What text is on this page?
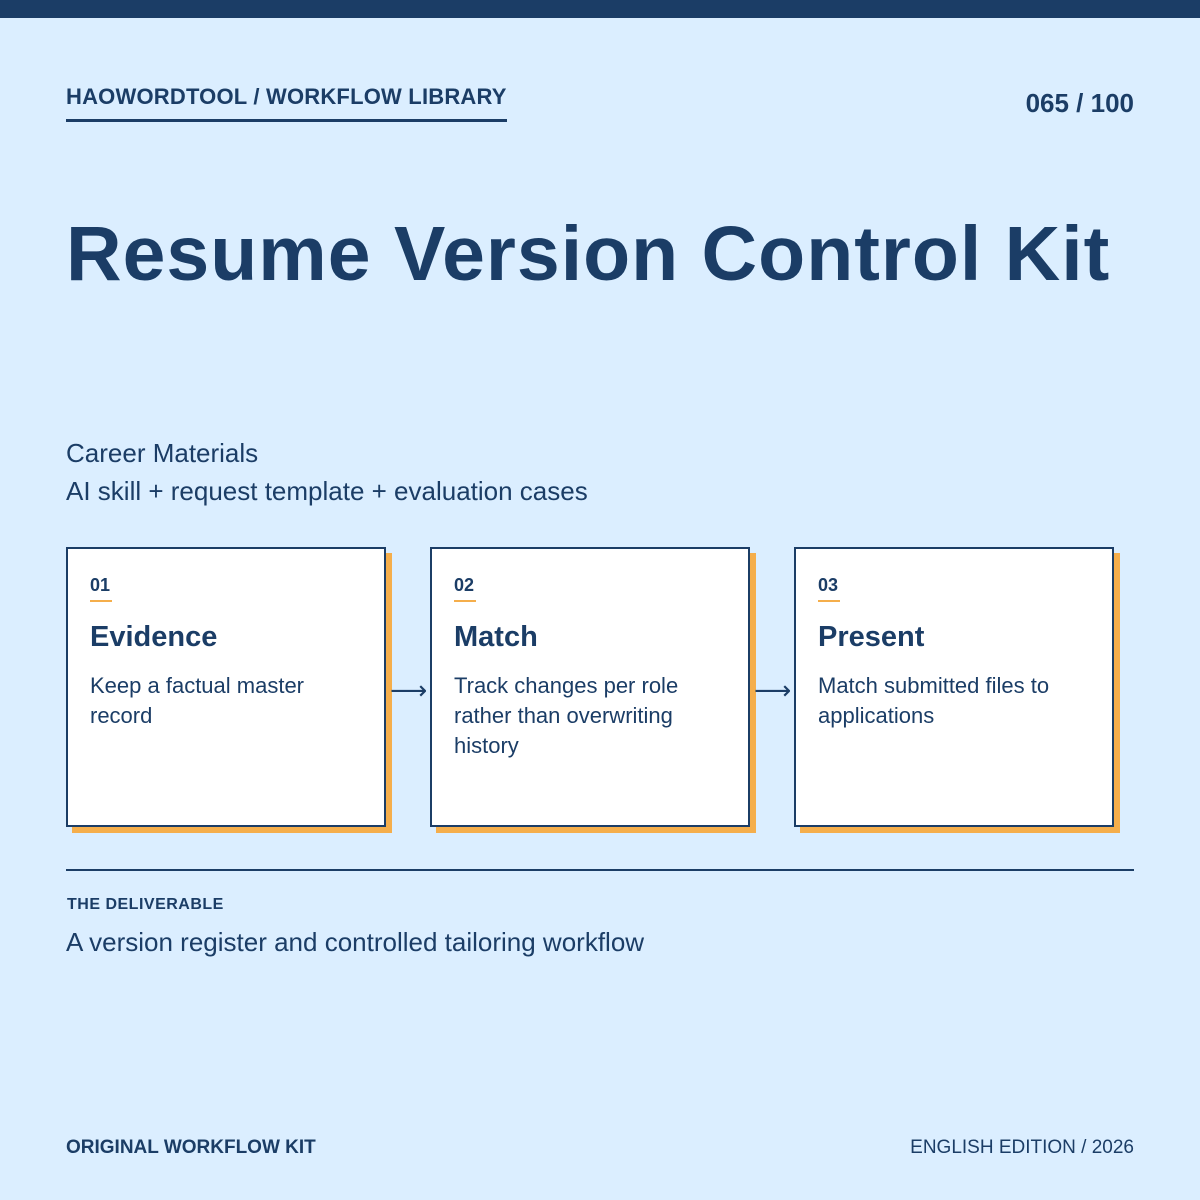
HAOWORDTOOL / WORKFLOW LIBRARY	065 / 100
Resume Version Control Kit
Career Materials
AI skill + request template + evaluation cases
01
Evidence
Keep a factual master record
⟶
02
Match
Track changes per role rather than overwriting history
⟶
03
Present
Match submitted files to applications
THE DELIVERABLE
A version register and controlled tailoring workflow
ORIGINAL WORKFLOW KIT	ENGLISH EDITION / 2026
